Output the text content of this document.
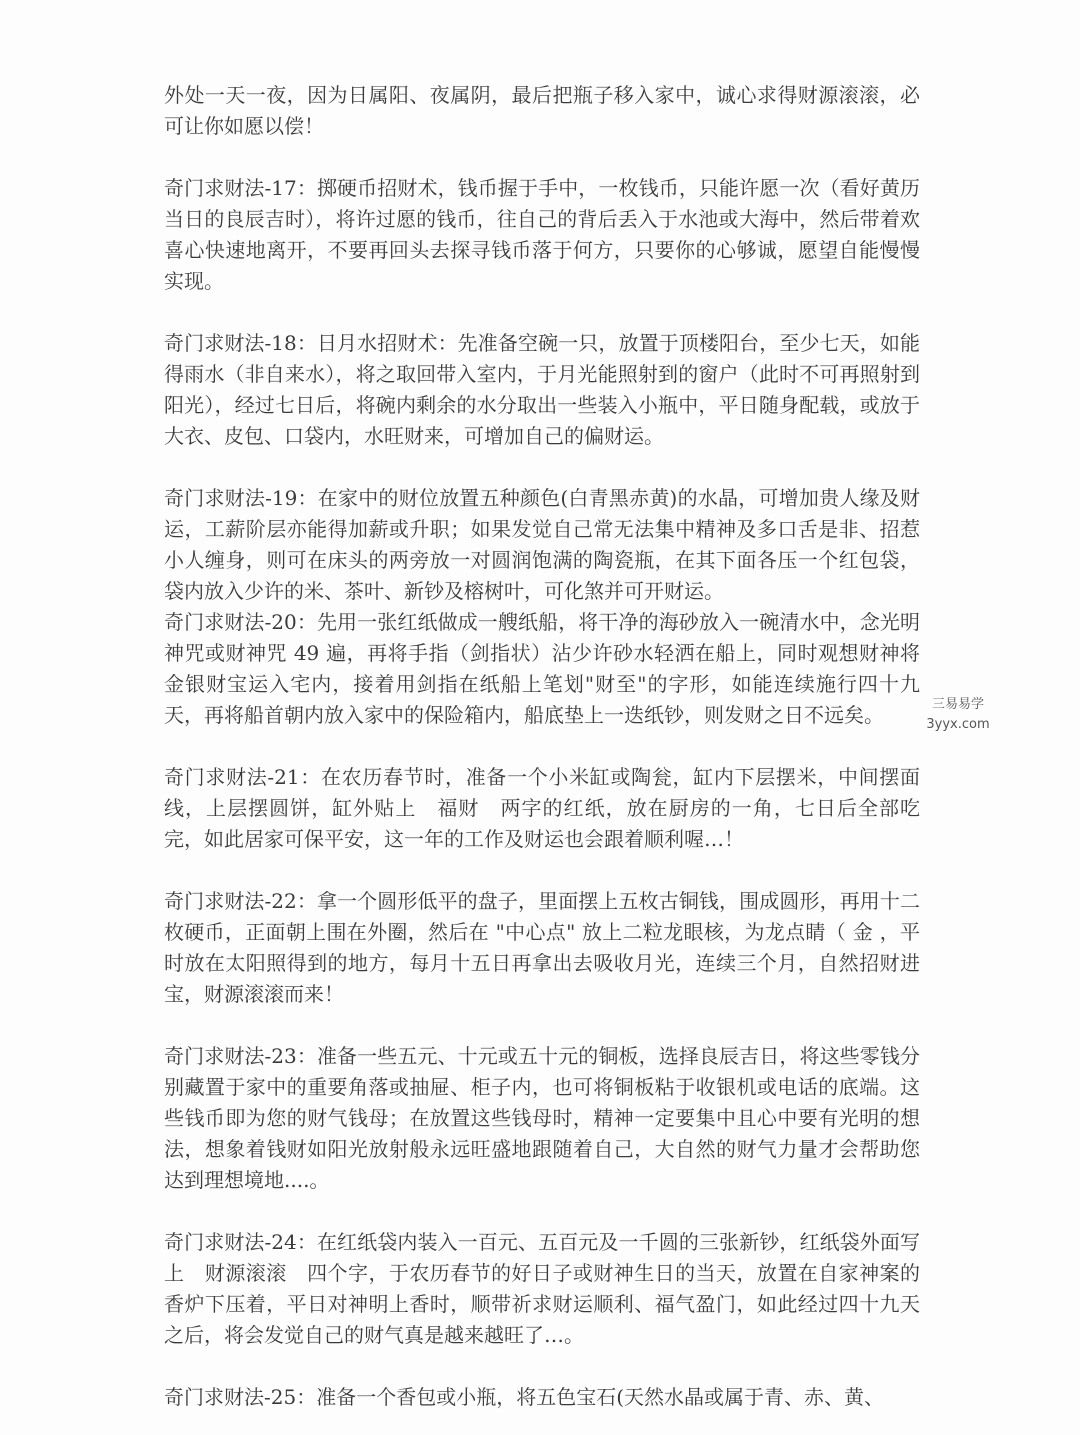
外处一天一夜，因为日属阳、夜属阴，最后把瓶子移入家中，诚心求得财源滚滚，必可让你如愿以偿！

奇门求财法-17：掷硬币招财术，钱币握于手中，一枚钱币，只能许愿一次（看好黄历当日的良辰吉时），将许过愿的钱币，往自己的背后丢入于水池或大海中，然后带着欢喜心快速地离开，不要再回头去探寻钱币落于何方，只要你的心够诚，愿望自能慢慢实现。

奇门求财法-18：日月水招财术：先准备空碗一只，放置于顶楼阳台，至少七天，如能得雨水（非自来水），将之取回带入室内，于月光能照射到的窗户（此时不可再照射到阳光），经过七日后，将碗内剩余的水分取出一些装入小瓶中，平日随身配载，或放于大衣、皮包、口袋内，水旺财来，可增加自己的偏财运。

奇门求财法-19：在家中的财位放置五种颜色(白青黑赤黄)的水晶，可增加贵人缘及财运，工薪阶层亦能得加薪或升职；如果发觉自己常无法集中精神及多口舌是非、招惹小人缠身，则可在床头的两旁放一对圆润饱满的陶瓷瓶，在其下面各压一个红包袋，袋内放入少许的米、茶叶、新钞及榕树叶，可化煞并可开财运。

奇门求财法-20：先用一张红纸做成一艘纸船，将干净的海砂放入一碗清水中，念光明神咒或财神咒 49 遍，再将手指（剑指状）沾少许砂水轻洒在船上，同时观想财神将金银财宝运入宅内，接着用剑指在纸船上笔划"财至"的字形，如能连续施行四十九天，再将船首朝内放入家中的保险箱内，船底垫上一迭纸钞，则发财之日不远矣。

奇门求财法-21：在农历春节时，准备一个小米缸或陶瓮，缸内下层摆米，中间摆面线，上层摆圆饼，缸外贴上　福财　两字的红纸，放在厨房的一角，七日后全部吃完，如此居家可保平安，这一年的工作及财运也会跟着顺利喔…！

奇门求财法-22：拿一个圆形低平的盘子，里面摆上五枚古铜钱，围成圆形，再用十二枚硬币，正面朝上围在外圈，然后在 "中心点" 放上二粒龙眼核，为龙点睛（ 金 ，平时放在太阳照得到的地方，每月十五日再拿出去吸收月光，连续三个月，自然招财进宝，财源滚滚而来！

奇门求财法-23：准备一些五元、十元或五十元的铜板，选择良辰吉日，将这些零钱分别藏置于家中的重要角落或抽屉、柜子内，也可将铜板粘于收银机或电话的底端。这些钱币即为您的财气钱母；在放置这些钱母时，精神一定要集中且心中要有光明的想法，想象着钱财如阳光放射般永远旺盛地跟随着自己，大自然的财气力量才会帮助您达到理想境地....。

奇门求财法-24：在红纸袋内装入一百元、五百元及一千圆的三张新钞，红纸袋外面写上　财源滚滚　四个字，于农历春节的好日子或财神生日的当天，放置在自家神案的香炉下压着，平日对神明上香时，顺带祈求财运顺利、福气盈门，如此经过四十九天之后，将会发觉自己的财气真是越来越旺了…。

奇门求财法-25：准备一个香包或小瓶，将五色宝石(天然水晶或属于青、赤、黄、

三易易学
3yyx.com
